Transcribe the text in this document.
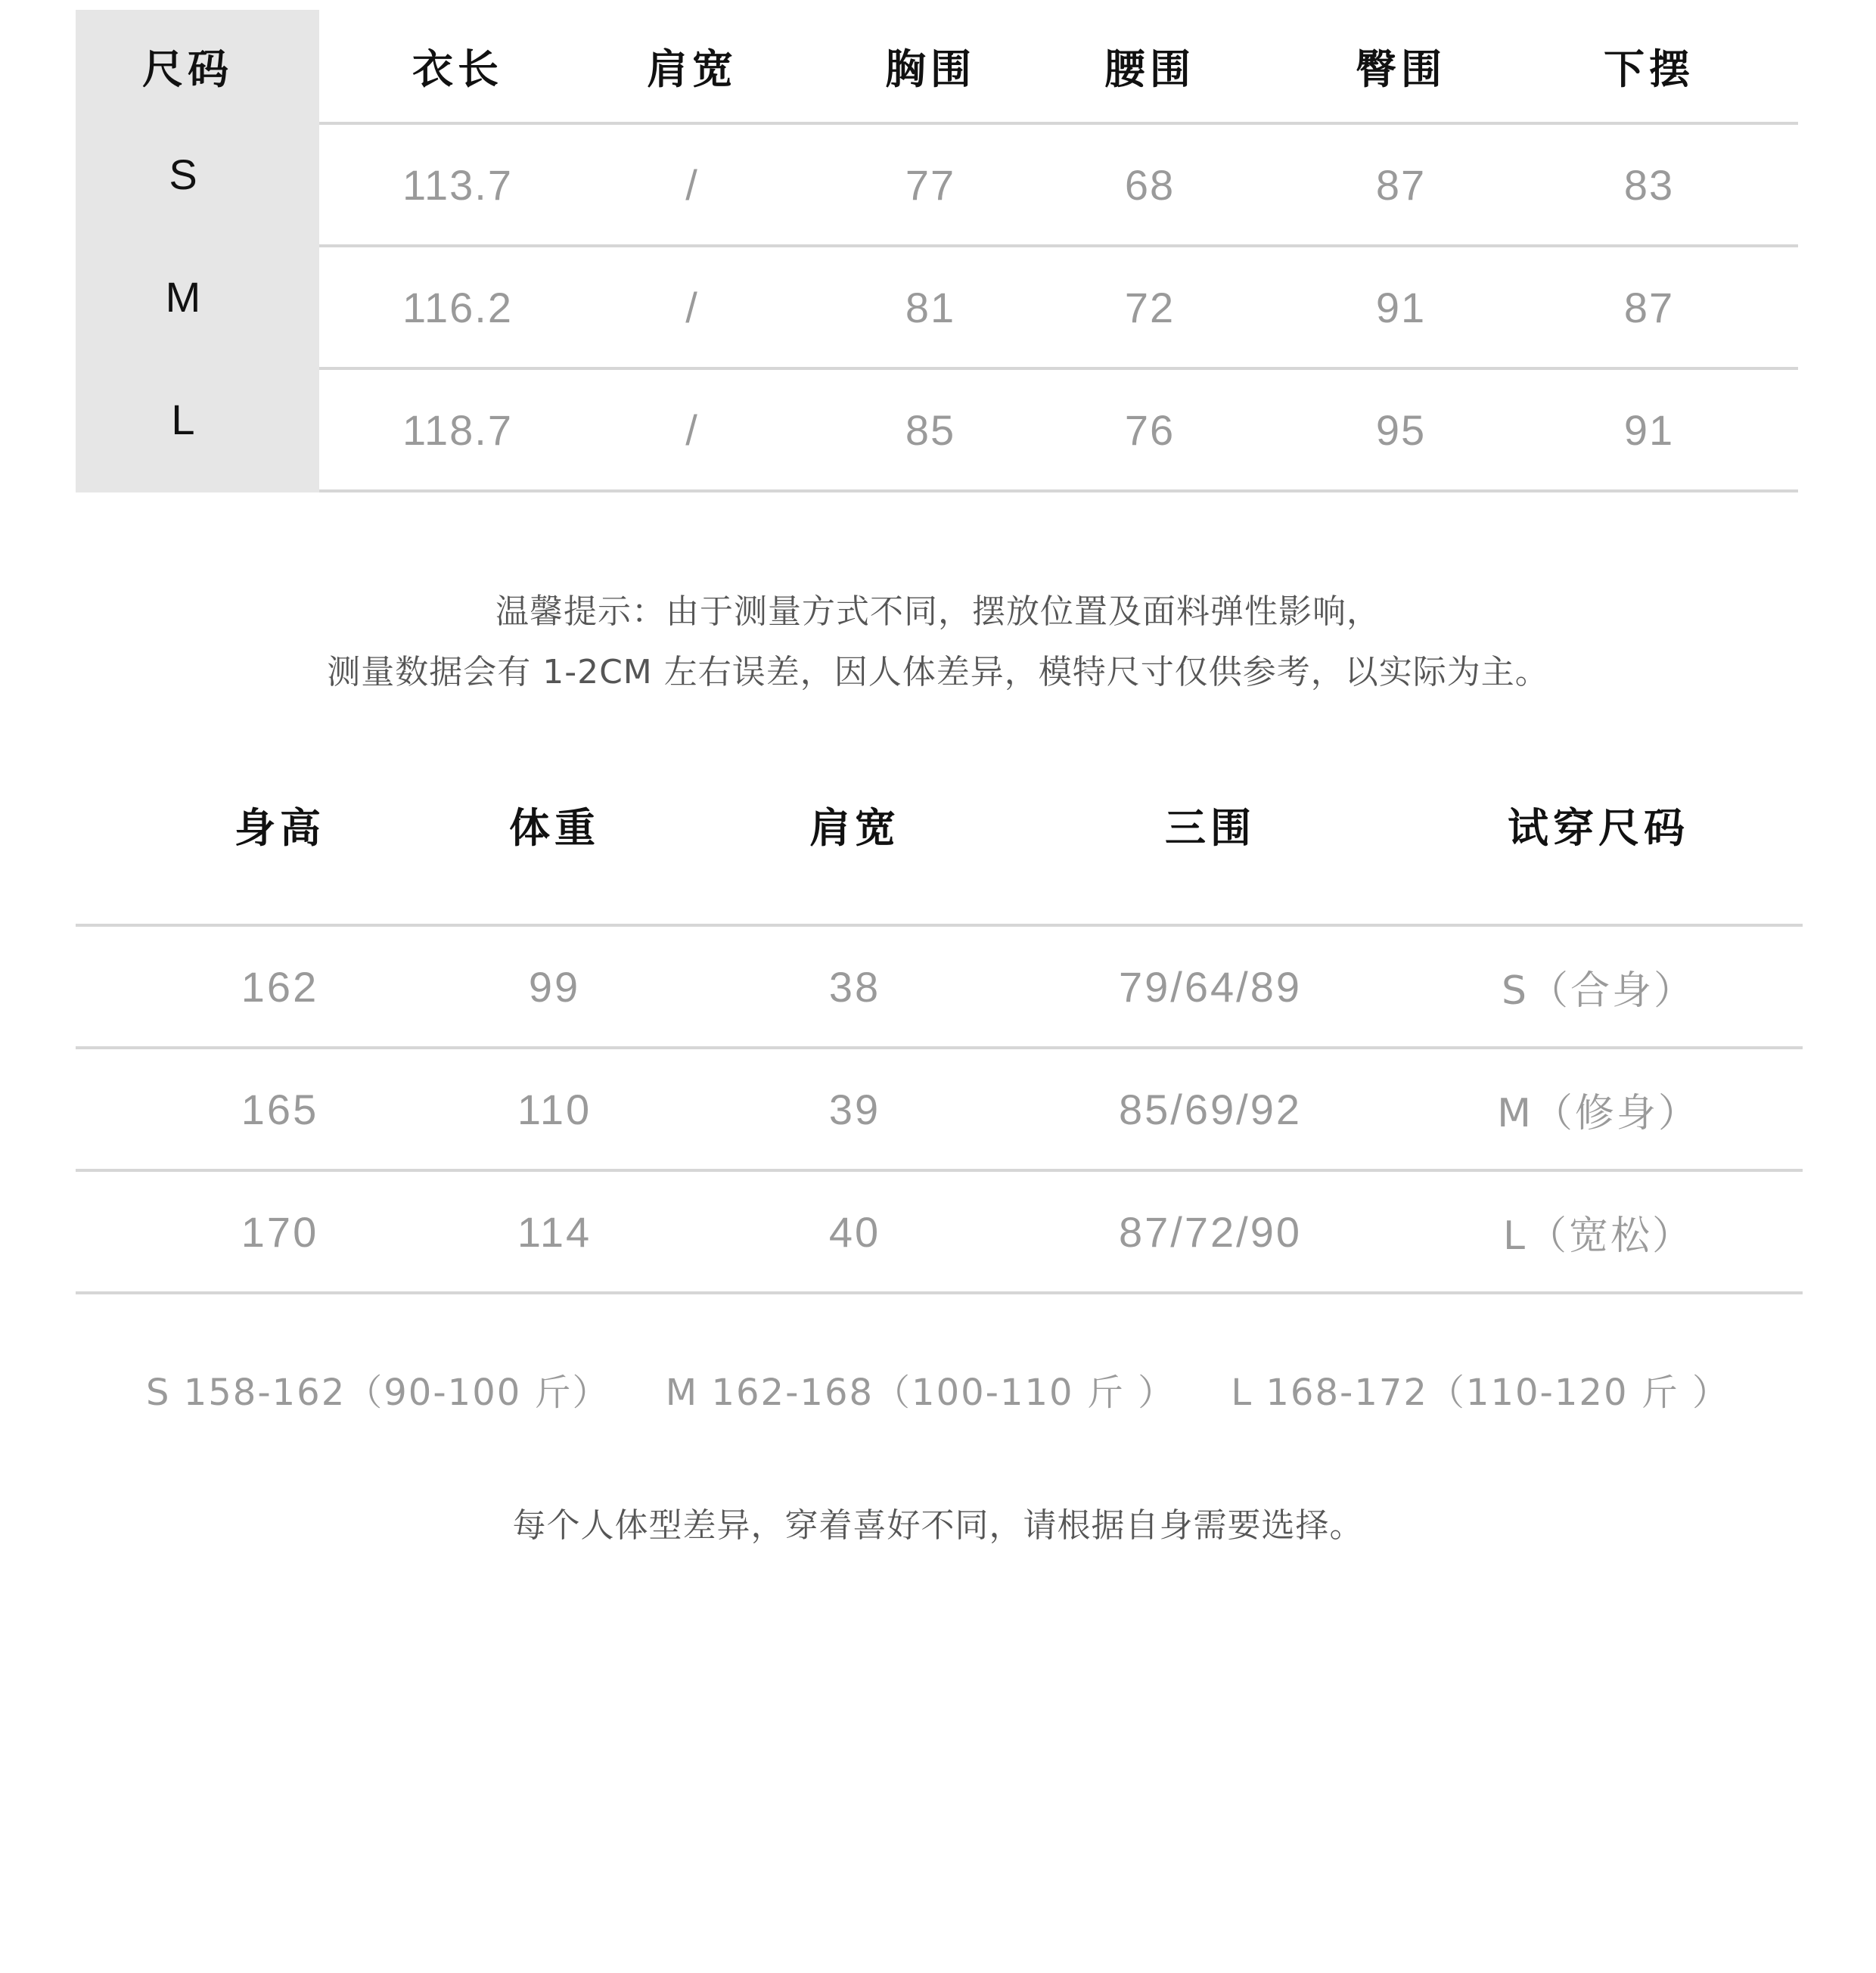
尺码	衣长	肩宽	胸围	腰围	臀围	下摆
S	113.7	/	77	68	87	83
M	116.2	/	81	72	91	87
L	118.7	/	85	76	95	91
温馨提示：由于测量方式不同，摆放位置及面料弹性影响，
测量数据会有 1-2CM 左右误差，因人体差异，模特尺寸仅供参考，以实际为主。
身高	体重	肩宽	三围	试穿尺码
162	99	38	79/64/89	S（合身）
165	110	39	85/69/92	M（修身）
170	114	40	87/72/90	L（宽松）
S 158-162（90-100 斤） M 162-168（100-110 斤 ） L 168-172（110-120 斤 ）
每个人体型差异，穿着喜好不同，请根据自身需要选择。
